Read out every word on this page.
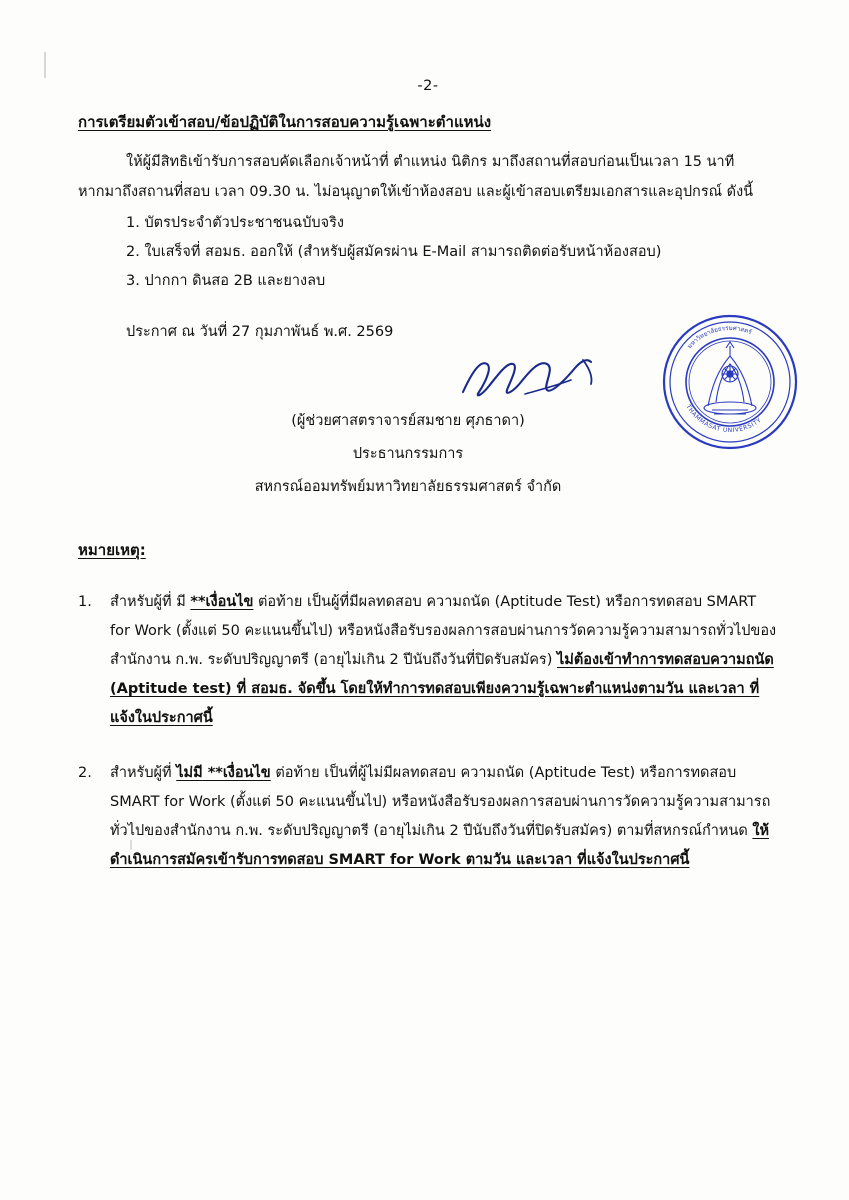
-2-
การเตรียมตัวเข้าสอบ/ข้อปฏิบัติในการสอบความรู้เฉพาะตำแหน่ง

ให้ผู้มีสิทธิเข้ารับการสอบคัดเลือกเจ้าหน้าที่ ตำแหน่ง นิติกร มาถึงสถานที่สอบก่อนเป็นเวลา 15 นาที

หากมาถึงสถานที่สอบ เวลา 09.30 น. ไม่อนุญาตให้เข้าห้องสอบ และผู้เข้าสอบเตรียมเอกสารและอุปกรณ์ ดังนี้

1. บัตรประจำตัวประชาชนฉบับจริง
2. ใบเสร็จที่ สอมธ. ออกให้ (สำหรับผู้สมัครผ่าน E-Mail สามารถติดต่อรับหน้าห้องสอบ)
3. ปากกา ดินสอ 2B และยางลบ
ประกาศ ณ วันที่ 27 กุมภาพันธ์ พ.ศ. 2569
(ผู้ช่วยศาสตราจารย์สมชาย ศุภธาดา)
ประธานกรรมการ
สหกรณ์ออมทรัพย์มหาวิทยาลัยธรรมศาสตร์ จำกัด
หมายเหตุ:
1.	สำหรับผู้ที่ มี **เงื่อนไข ต่อท้าย เป็นผู้ที่มีผลทดสอบ ความถนัด (Aptitude Test) หรือการทดสอบ SMART for Work (ตั้งแต่ 50 คะแนนขึ้นไป) หรือหนังสือรับรองผลการสอบผ่านการวัดความรู้ความสามารถทั่วไปของสำนักงาน ก.พ. ระดับปริญญาตรี (อายุไม่เกิน 2 ปีนับถึงวันที่ปิดรับสมัคร) ไม่ต้องเข้าทำการทดสอบความถนัด (Aptitude test) ที่ สอมธ. จัดขึ้น โดยให้ทำการทดสอบเพียงความรู้เฉพาะตำแหน่งตามวัน และเวลา ที่แจ้งในประกาศนี้
2.	สำหรับผู้ที่ ไม่มี **เงื่อนไข ต่อท้าย เป็นที่ผู้ไม่มีผลทดสอบ ความถนัด (Aptitude Test) หรือการทดสอบ SMART for Work (ตั้งแต่ 50 คะแนนขึ้นไป) หรือหนังสือรับรองผลการสอบผ่านการวัดความรู้ความสามารถทั่วไปของสำนักงาน ก.พ. ระดับปริญญาตรี (อายุไม่เกิน 2 ปีนับถึงวันที่ปิดรับสมัคร) ตามที่สหกรณ์กำหนด ให้ดำเนินการสมัครเข้ารับการทดสอบ SMART for Work ตามวัน และเวลา ที่แจ้งในประกาศนี้
มหาวิทยาลัยธรรมศาสตร์
THAMMASAT UNIVERSITY
